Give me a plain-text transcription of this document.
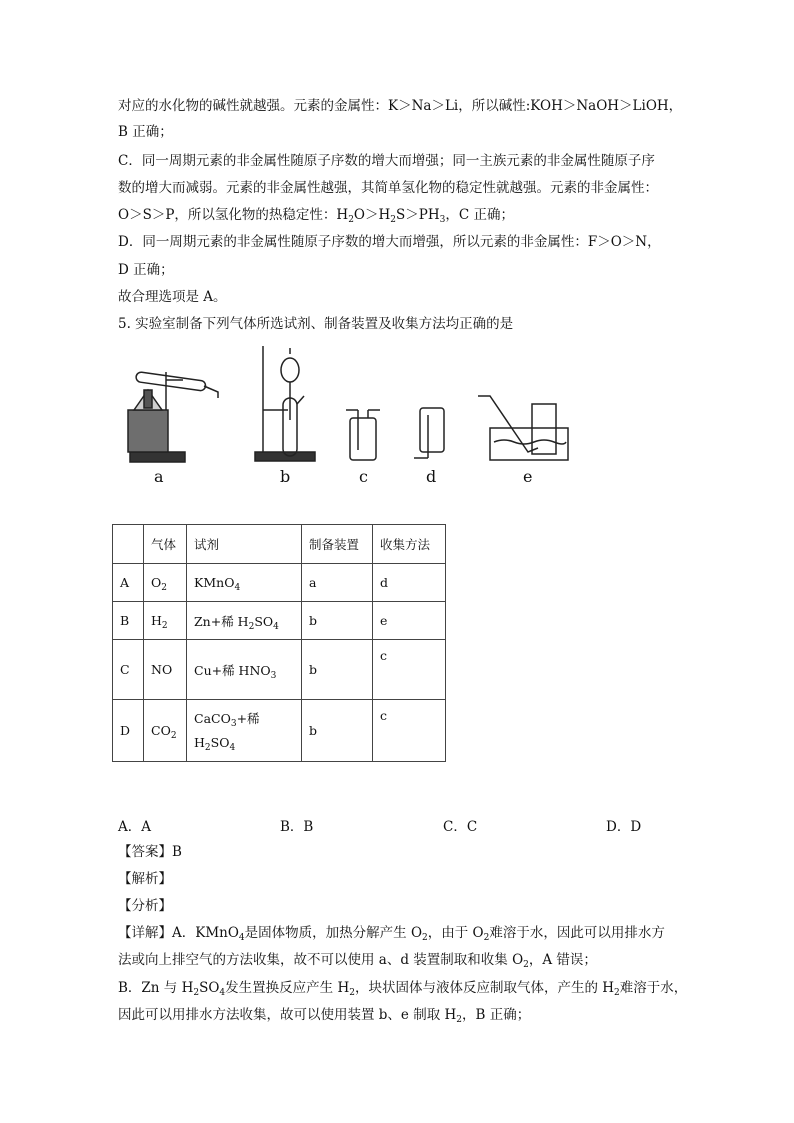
对应的水化物的碱性就越强。元素的金属性：K＞Na＞Li，所以碱性:KOH＞NaOH＞LiOH，
B 正确；
C．同一周期元素的非金属性随原子序数的增大而增强；同一主族元素的非金属性随原子序
数的增大而减弱。元素的非金属性越强，其简单氢化物的稳定性就越强。元素的非金属性：
O＞S＞P，所以氢化物的热稳定性：$H_2O>H_2S>PH_3$，C 正确；
D．同一周期元素的非金属性随原子序数的增大而增强，所以元素的非金属性：F＞O＞N，
D 正确；
故合理选项是 A。
5. 实验室制备下列气体所选试剂、制备装置及收集方法均正确的是
a	b	c	d	e
	气体	试剂	制备装置	收集方法
A	$O_2$	KMnO$_4$	a	d
B	$H_2$	Zn+稀 $H_2SO_4$	b	e
C	NO	Cu+稀 $HNO_3$	b	c
D	$CO_2$	CaCO$_3$+稀
$H_2SO_4$	b	c
A．A	B．B	C．C	D．D
【答案】B
【解析】
【分析】
【详解】A．KMnO$_4$是固体物质，加热分解产生 $O_2$，由于 $O_2$难溶于水，因此可以用排水方
法或向上排空气的方法收集，故不可以使用 a、d 装置制取和收集 $O_2$，A 错误；
B．Zn 与 $H_2SO_4$发生置换反应产生 $H_2$，块状固体与液体反应制取气体，产生的 $H_2$难溶于水，
因此可以用排水方法收集，故可以使用装置 b、e 制取 $H_2$，B 正确；
